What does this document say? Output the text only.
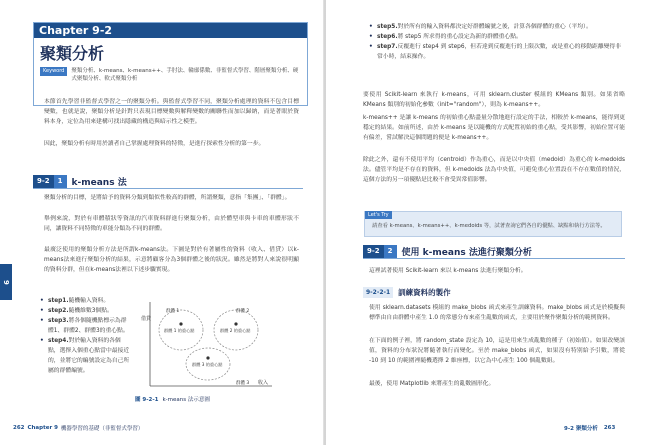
Chapter 9-2
聚類分析
Keyword	聚類分析、k-means、k-means++、手肘法、輪廓係數、非監督式學習、階層聚類分析、硬式聚類分析、軟式聚類分析
本節首先學習非監督式學習之一的聚類分析。與監督式學習不同，聚類分析處理的資料不包含目標變數，也就是說，聚類分析是針對只表現目標變數與解釋變數的關聯性而加以歸納，而是著眼於資料本身，定位為用來建構可找出隱藏的構造與暗示性之模型。
因此，聚類分析有時用於讀者自己掌握處理資料的特徵，是進行探索性分析的第一步。
9-2	1	k-means 法
聚類分析的目標，是將給予的資料分類到類似性較高的群體，所謂聚類，意指「集團」、「群體」。
舉例來說，對於有車體積狀等資訊的汽車資料群進行聚類分析，由於體型車與卡車的車體形狀不同，讓資料不同特徵的車能分類為不同的群體。
最廣泛使用的聚類分析方法是所謂k-means法。下圖是對於有著屬性的資料（收入、借貸）以k-means法來進行聚類分析的結果，示意將顧客分為3個群體之後的狀況。雖然是將對人來說很明顯的資料分群，但在k-means法裡以下述步驟實現。
• step1.隨機輸入資料。
• step2.隨機維數3個點。
• step3.將各個隨機點標示為群體1、群體2、群體3的重心點。
• step4.對於輸入資料的各個點，選擇入個重心點當中最接近的，並將它的編號設定為自己所屬的群體編號。
借貸
收入
群體 1	群體 2
群體 3
群體 1 的重心點	群體 2 的重心點
群體 3 的重心點
圖 9-2-1 k-means 法示意圖
262 Chapter 9 機器學習的基礎（非監督式學習）
9
• step5.對於所有的輸入資料都決定好群體編號之後，計算各個群體的重心（平均）。
• step6.將 step5 所求得的重心設定為新的群體重心點。
• step7.反覆進行 step4 到 step6，但若達到反覆進行的上限次數，或是重心的移動距離變得非常小時，結束操作。
要使用 Scikit-learn 來執行 k-means，可用 sklearn.cluster 模組的 KMeans 類別。如果省略 KMeans 類別的初始化參數（init="random"），則為 k-means++。
k-means++ 是讓 k-means 的初始重心點盡量分散地進行設定的手法，相較於 k-means，能得到更穩定的結果。如前所述，由於 k-means 是以隨機的方式配置初始的重心點，受其影響，初始位置可能有偏差，嘗試解決這個問題的便是 k-means++。
除此之外，還有不使用平均（centroid）作為重心，而是以中央值（medoid）為重心的 k-medoids 法。儘管平均是不存在的資料，但 k-medoids 法為中央值，可避免重心位置設在不存在數值的情況，這個方法的另一項優點是比較不會受異常值影響。
Let's Try
請查看 k-means、k-means++、k-medoids 等，試著查詢它們各自的優點、缺點和執行方法等。
9-2	2	使用 k-means 法進行聚類分析
這裡試著使用 Scikit-learn 來以 k-means 法進行聚類分析。
9-2-2-1	訓練資料的製作
使用 sklearn.datasets 模組的 make_blobs 函式來產生訓練資料。make_blobs 函式是於模擬與標準由自由群體中產生 1.0 的常態分布來產生亂數的函式，主要用於聚作聚類分析的範例資料。
在下面的例子裡，將 random_state 設定為 10，這是用來生成亂數的種子（初始值）。如果改變該值，資料的分布狀況將隨著執行而變化。至於 make_blobs 函式，如果沒有特別給予引數，將從 -10 到 10 的範圍裡隨機選擇 2 維座標，以它為中心產生 100 個亂數組。
最後，使用 Matplotlib 來將產生的亂數圖形化。
9-2 聚類分析 263
